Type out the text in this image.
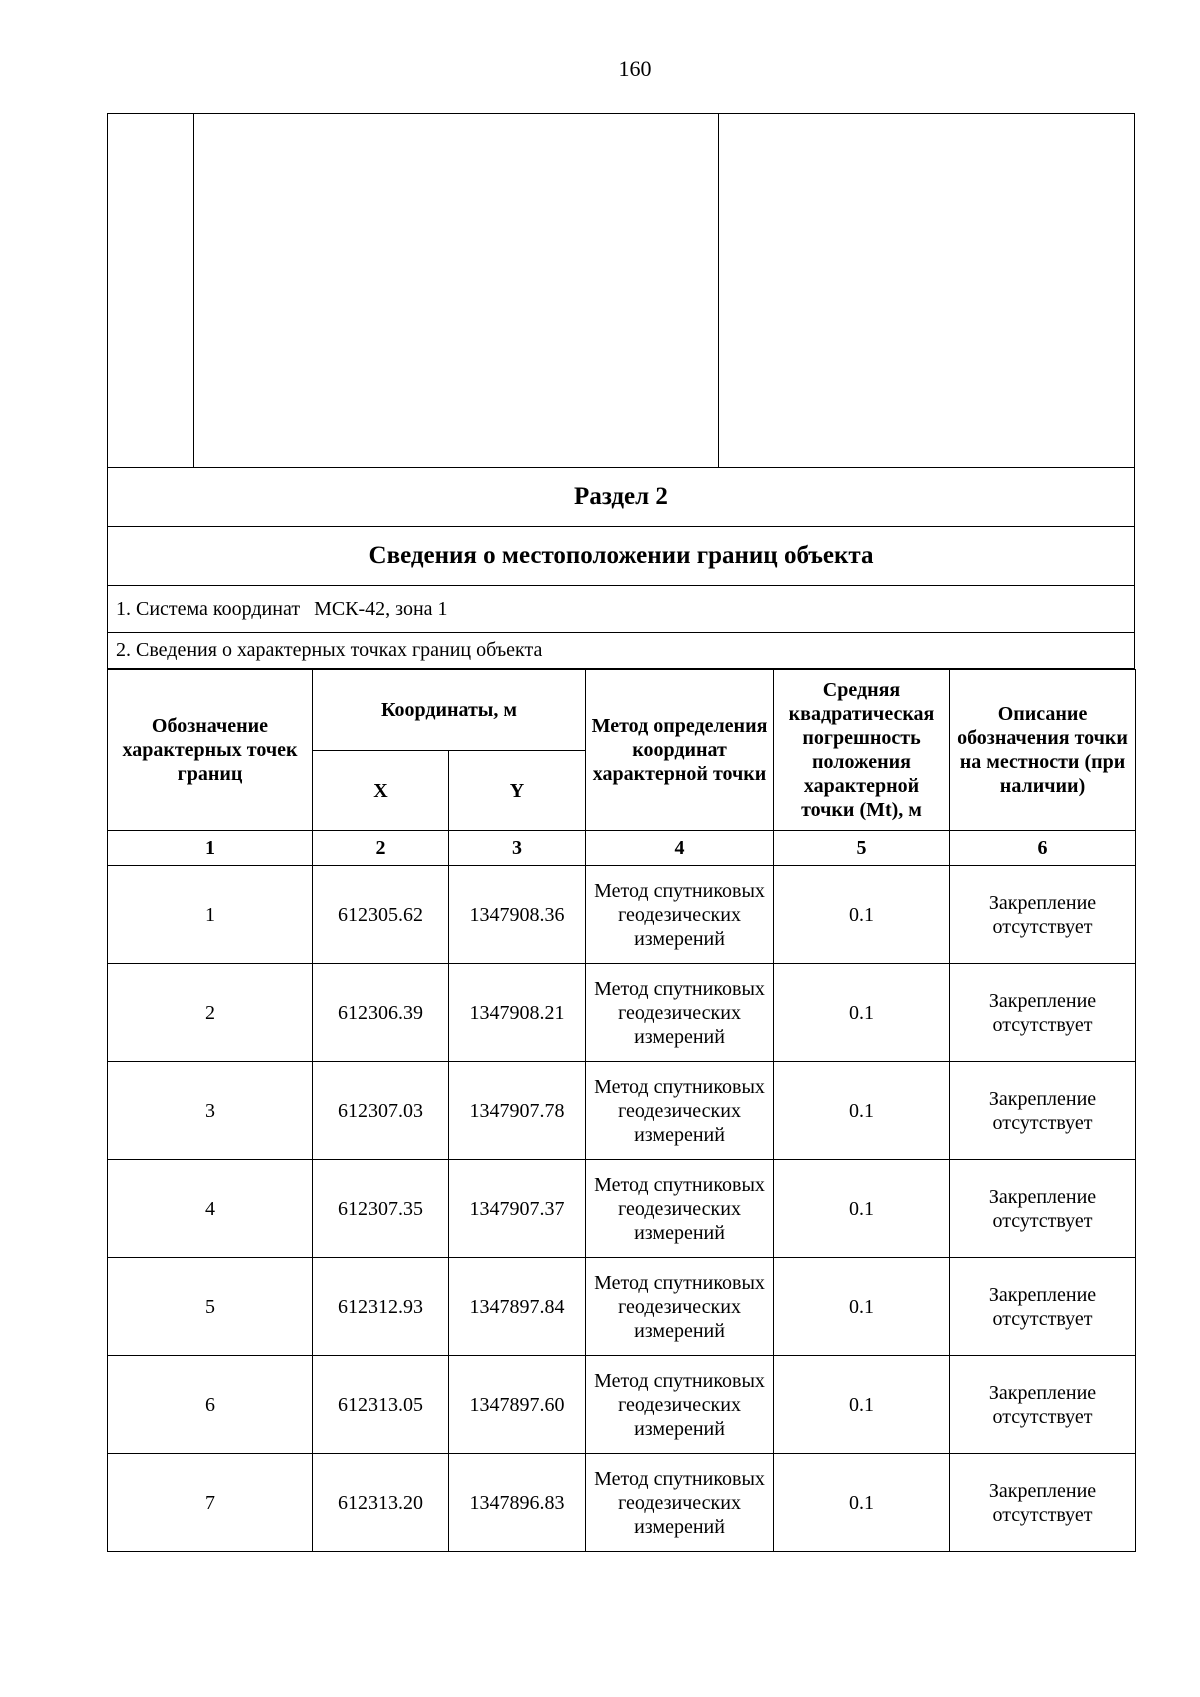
160
Раздел 2
Сведения о местоположении границ объекта
1. Система координат МСК-42, зона 1
2. Сведения о характерных точках границ объекта
Обозначение характерных точек границ	Координаты, м		Метод определения координат характерной точки	Средняя квадратическая погрешность положения характерной точки (Mt), м	Описание обозначения точки на местности (при наличии)
	X	Y			
1	2	3	4	5	6
1	612305.62	1347908.36	Метод спутниковых геодезических измерений	0.1	Закрепление отсутствует
2	612306.39	1347908.21	Метод спутниковых геодезических измерений	0.1	Закрепление отсутствует
3	612307.03	1347907.78	Метод спутниковых геодезических измерений	0.1	Закрепление отсутствует
4	612307.35	1347907.37	Метод спутниковых геодезических измерений	0.1	Закрепление отсутствует
5	612312.93	1347897.84	Метод спутниковых геодезических измерений	0.1	Закрепление отсутствует
6	612313.05	1347897.60	Метод спутниковых геодезических измерений	0.1	Закрепление отсутствует
7	612313.20	1347896.83	Метод спутниковых геодезических измерений	0.1	Закрепление отсутствует
